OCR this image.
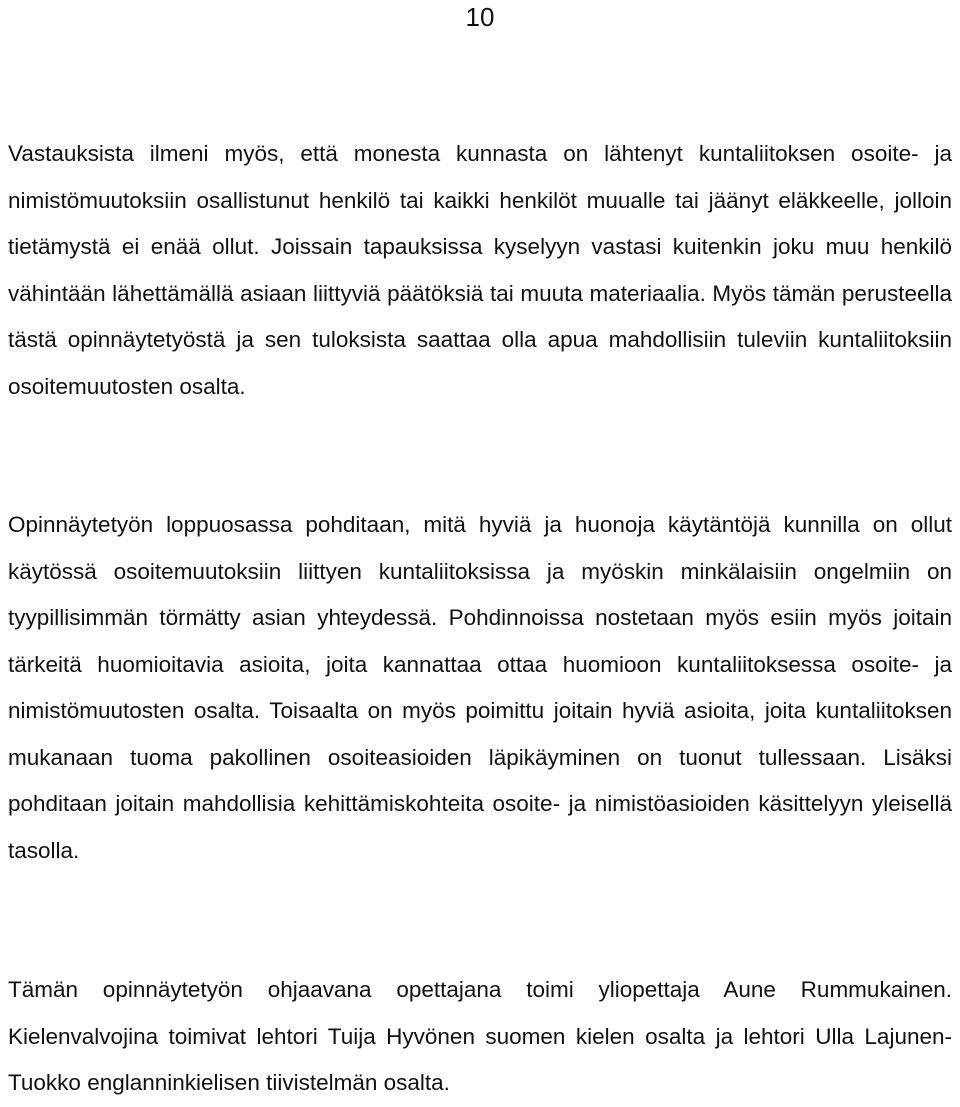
10

Vastauksista ilmeni myös, että monesta kunnasta on lähtenyt kuntaliitoksen osoite- ja nimistömuutoksiin osallistunut henkilö tai kaikki henkilöt muualle tai jäänyt eläkkeelle, jolloin tietämystä ei enää ollut. Joissain tapauksissa kyselyyn vastasi kuitenkin joku muu henkilö vähintään lähettämällä asiaan liittyviä päätöksiä tai muuta materiaalia. Myös tämän perusteella tästä opinnäytetyöstä ja sen tuloksista saattaa olla apua mahdollisiin tuleviin kuntaliitoksiin osoitemuutosten osalta.

Opinnäytetyön loppuosassa pohditaan, mitä hyviä ja huonoja käytäntöjä kunnilla on ollut käytössä osoitemuutoksiin liittyen kuntaliitoksissa ja myöskin minkälaisiin ongelmiin on tyypillisimmän törmätty asian yhteydessä. Pohdinnoissa nostetaan myös esiin myös joitain tärkeitä huomioitavia asioita, joita kannattaa ottaa huomioon kuntaliitoksessa osoite- ja nimistömuutosten osalta. Toisaalta on myös poimittu joitain hyviä asioita, joita kuntaliitoksen mukanaan tuoma pakollinen osoiteasioiden läpikäyminen on tuonut tullessaan. Lisäksi pohditaan joitain mahdollisia kehittämiskohteita osoite- ja nimistöasioiden käsittelyyn yleisellä tasolla.

Tämän opinnäytetyön ohjaavana opettajana toimi yliopettaja Aune Rummukainen. Kielenvalvojina toimivat lehtori Tuija Hyvönen suomen kielen osalta ja lehtori Ulla Lajunen-Tuokko englanninkielisen tiivistelmän osalta.
